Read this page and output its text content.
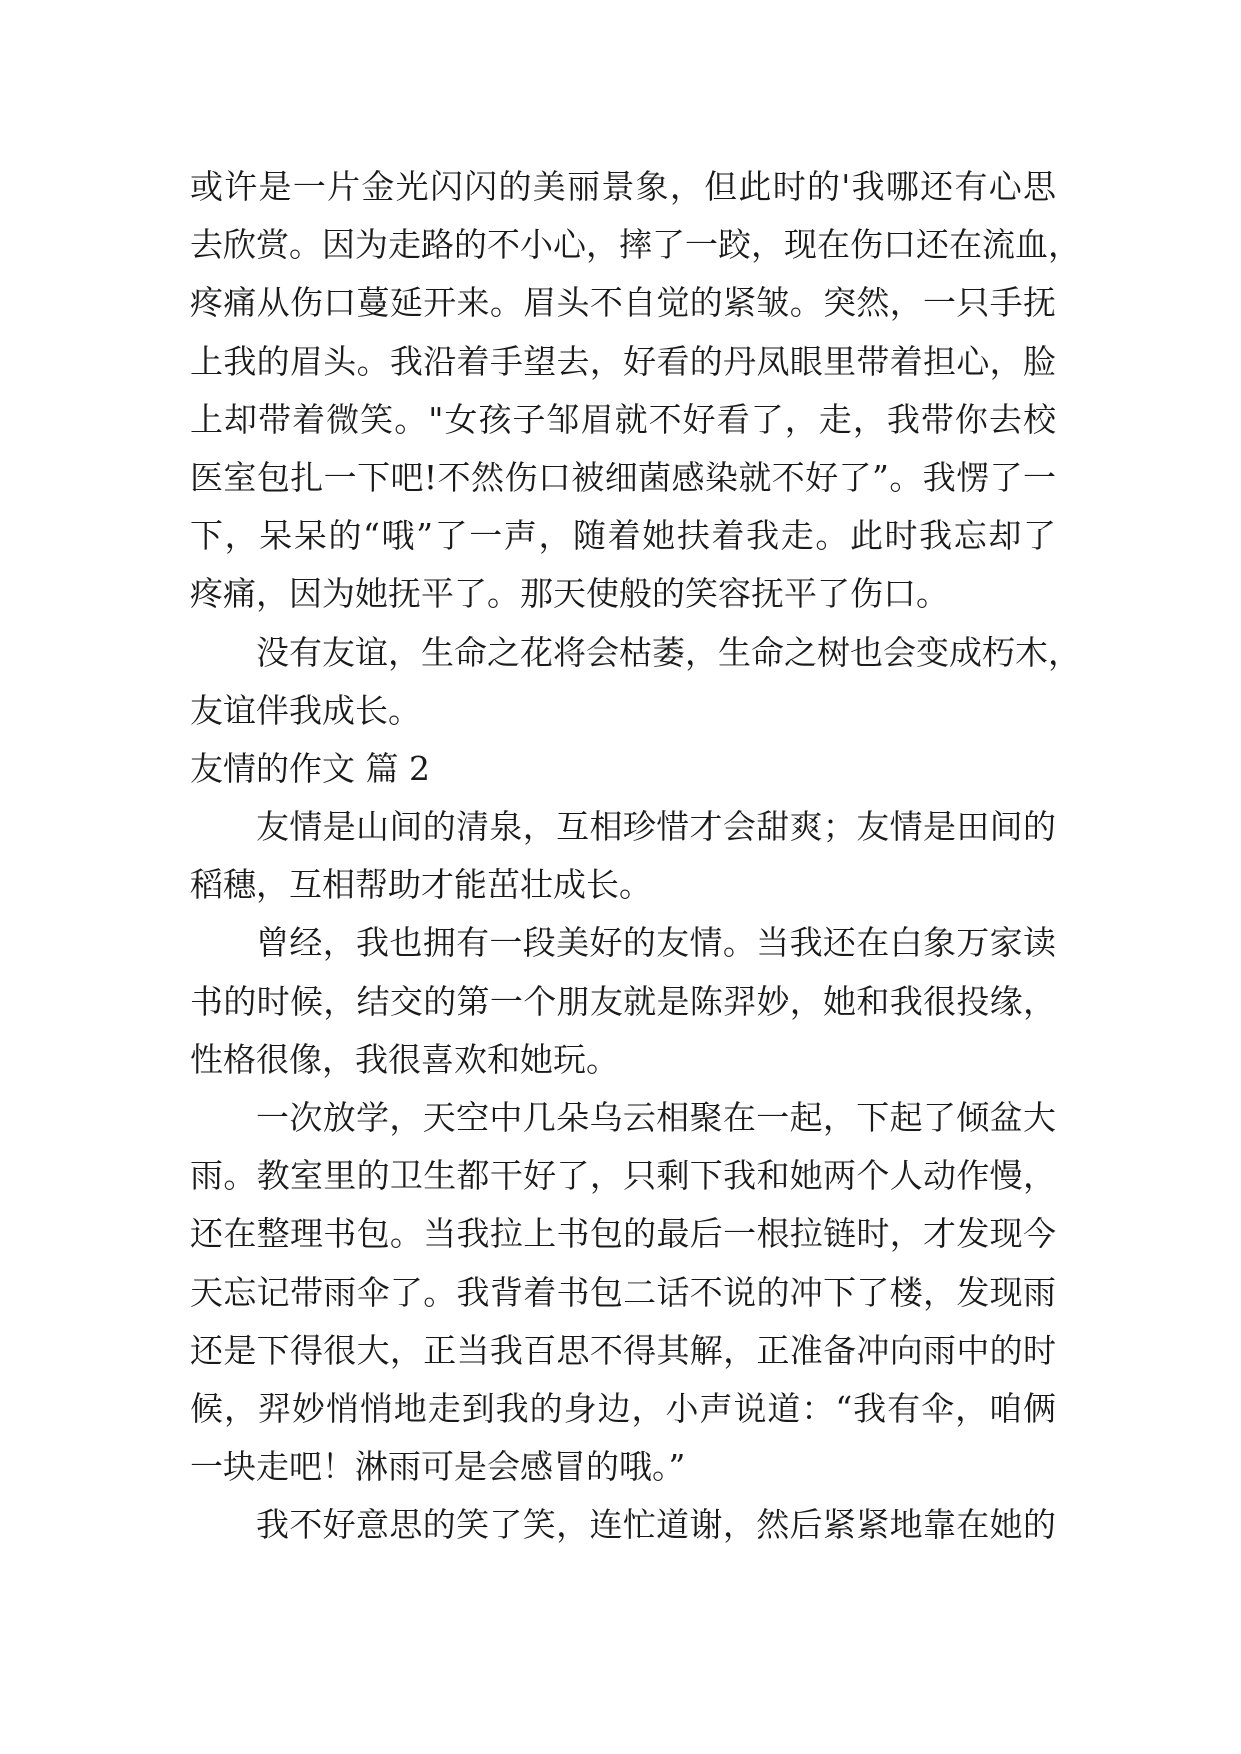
或许是一片金光闪闪的美丽景象，但此时的'我哪还有心思
去欣赏。因为走路的不小心，摔了一跤，现在伤口还在流血，
疼痛从伤口蔓延开来。眉头不自觉的紧皱。突然，一只手抚
上我的眉头。我沿着手望去，好看的丹凤眼里带着担心，脸
上却带着微笑。"女孩子邹眉就不好看了，走，我带你去校
医室包扎一下吧!不然伤口被细菌感染就不好了”。我愣了一
下，呆呆的“哦”了一声，随着她扶着我走。此时我忘却了
疼痛，因为她抚平了。那天使般的笑容抚平了伤口。
没有友谊，生命之花将会枯萎，生命之树也会变成朽木，
友谊伴我成长。
友情的作文 篇 2
友情是山间的清泉，互相珍惜才会甜爽；友情是田间的
稻穗，互相帮助才能茁壮成长。
曾经，我也拥有一段美好的友情。当我还在白象万家读
书的时候，结交的第一个朋友就是陈羿妙，她和我很投缘，
性格很像，我很喜欢和她玩。
一次放学，天空中几朵乌云相聚在一起，下起了倾盆大
雨。教室里的卫生都干好了，只剩下我和她两个人动作慢，
还在整理书包。当我拉上书包的最后一根拉链时，才发现今
天忘记带雨伞了。我背着书包二话不说的冲下了楼，发现雨
还是下得很大，正当我百思不得其解，正准备冲向雨中的时
候，羿妙悄悄地走到我的身边，小声说道：“我有伞，咱俩
一块走吧！淋雨可是会感冒的哦。”
我不好意思的笑了笑，连忙道谢，然后紧紧地靠在她的
